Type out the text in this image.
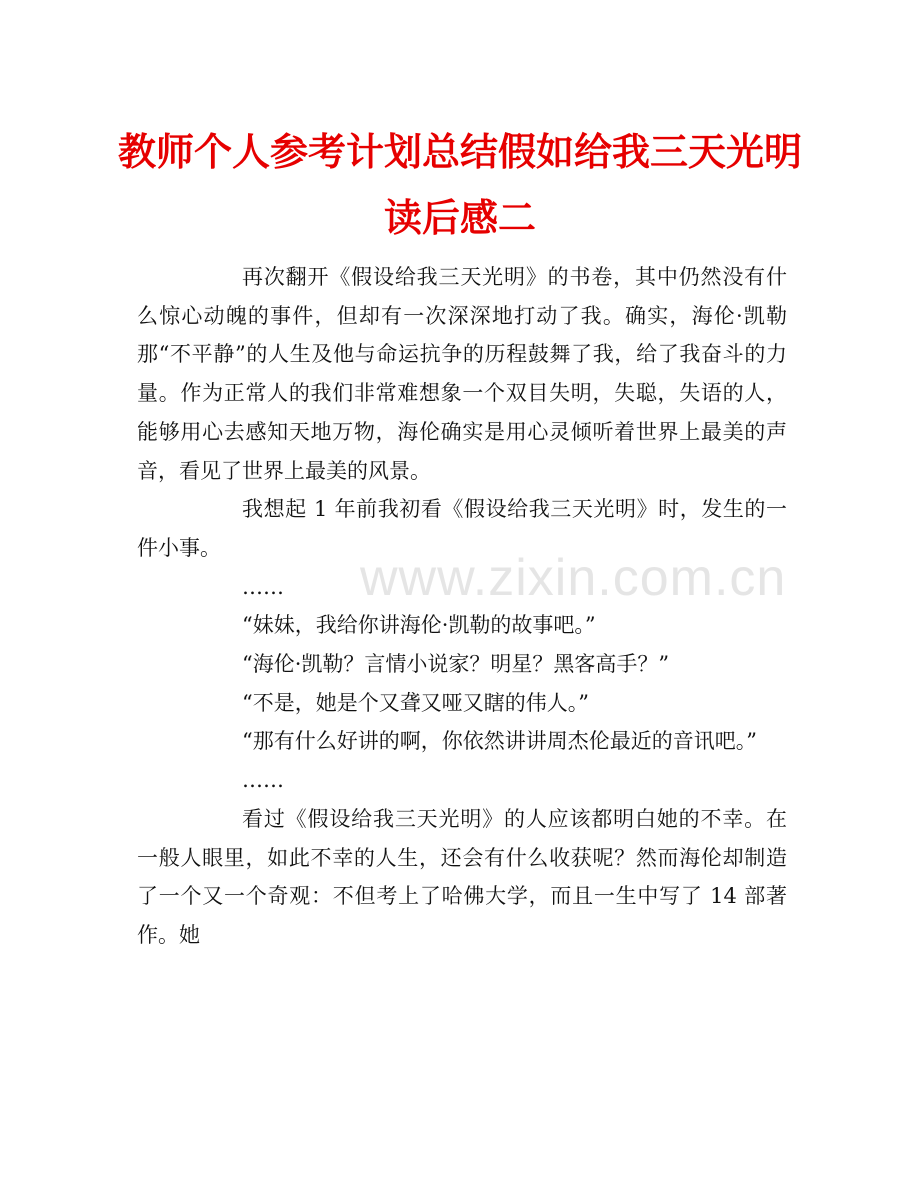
教师个人参考计划总结假如给我三天光明
读后感二

再次翻开《假设给我三天光明》的书卷，其中仍然没有什么惊心动魄的事件，但却有一次深深地打动了我。确实，海伦·凯勒那“不平静”的人生及他与命运抗争的历程鼓舞了我，给了我奋斗的力量。作为正常人的我们非常难想象一个双目失明，失聪，失语的人，能够用心去感知天地万物，海伦确实是用心灵倾听着世界上最美的声音，看见了世界上最美的风景。

我想起 1 年前我初看《假设给我三天光明》时，发生的一件小事。

……
“妹妹，我给你讲海伦·凯勒的故事吧。”
“海伦·凯勒？言情小说家？明星？黑客高手？”
“不是，她是个又聋又哑又瞎的伟人。”
“那有什么好讲的啊，你依然讲讲周杰伦最近的音讯吧。”
……

看过《假设给我三天光明》的人应该都明白她的不幸。在一般人眼里，如此不幸的人生，还会有什么收获呢？然而海伦却制造了一个又一个奇观：不但考上了哈佛大学，而且一生中写了 14 部著作。她

www.zixin.com.cn
